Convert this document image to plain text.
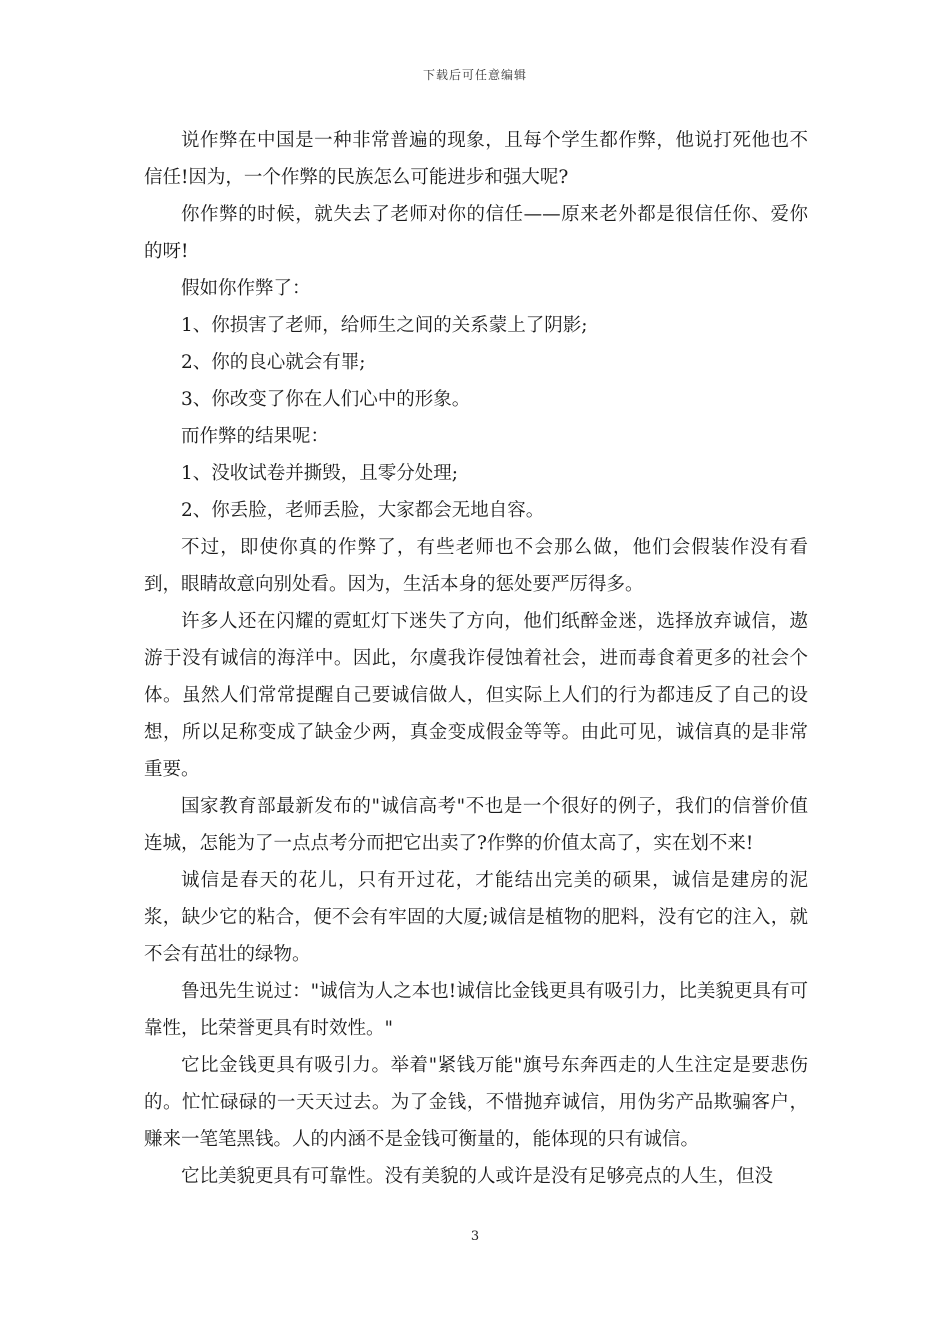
下载后可任意编辑

说作弊在中国是一种非常普遍的现象，且每个学生都作弊，他说打死他也不信任!因为，一个作弊的民族怎么可能进步和强大呢?

你作弊的时候，就失去了老师对你的信任——原来老外都是很信任你、爱你的呀!

假如你作弊了：

1、你损害了老师，给师生之间的关系蒙上了阴影;

2、你的良心就会有罪;

3、你改变了你在人们心中的形象。

而作弊的结果呢：

1、没收试卷并撕毁，且零分处理;

2、你丢脸，老师丢脸，大家都会无地自容。

不过，即使你真的作弊了，有些老师也不会那么做，他们会假装作没有看到，眼睛故意向别处看。因为，生活本身的惩处要严厉得多。

许多人还在闪耀的霓虹灯下迷失了方向，他们纸醉金迷，选择放弃诚信，遨游于没有诚信的海洋中。因此，尔虞我诈侵蚀着社会，进而毒食着更多的社会个体。虽然人们常常提醒自己要诚信做人，但实际上人们的行为都违反了自己的设想，所以足称变成了缺金少两，真金变成假金等等。由此可见，诚信真的是非常重要。

国家教育部最新发布的"诚信高考"不也是一个很好的例子，我们的信誉价值连城，怎能为了一点点考分而把它出卖了?作弊的价值太高了，实在划不来!

诚信是春天的花儿，只有开过花，才能结出完美的硕果，诚信是建房的泥浆，缺少它的粘合，便不会有牢固的大厦;诚信是植物的肥料，没有它的注入，就不会有茁壮的绿物。

鲁迅先生说过："诚信为人之本也!诚信比金钱更具有吸引力，比美貌更具有可靠性，比荣誉更具有时效性。"

它比金钱更具有吸引力。举着"紧钱万能"旗号东奔西走的人生注定是要悲伤的。忙忙碌碌的一天天过去。为了金钱，不惜抛弃诚信，用伪劣产品欺骗客户，赚来一笔笔黑钱。人的内涵不是金钱可衡量的，能体现的只有诚信。

它比美貌更具有可靠性。没有美貌的人或许是没有足够亮点的人生，但没

3
